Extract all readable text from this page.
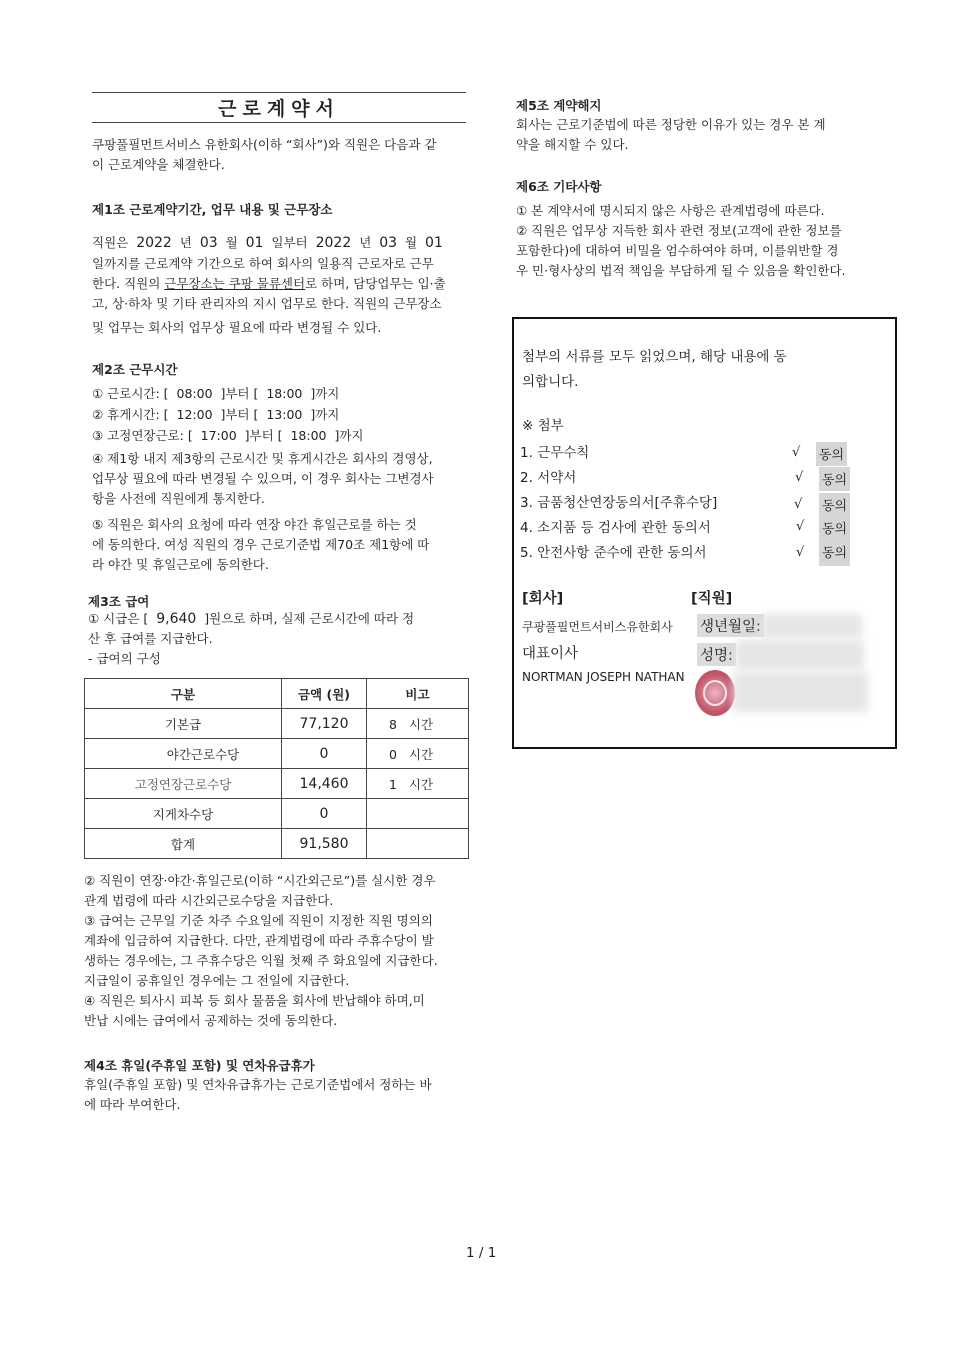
근로계약서
쿠팡풀필먼트서비스 유한회사(이하 “회사”)와 직원은 다음과 같
이 근로계약을 체결한다.
제1조 근로계약기간, 업무 내용 및 근무장소
직원은 2022 년 03 월 01 일부터 2022 년 03 월 01
일까지를 근로계약 기간으로 하여 회사의 일용직 근로자로 근무
한다. 직원의 근무장소는 쿠팡 물류센터로 하며, 담당업무는 입·출
고, 상·하차 및 기타 관리자의 지시 업무로 한다. 직원의 근무장소
및 업무는 회사의 업무상 필요에 따라 변경될 수 있다.
제2조 근무시간
① 근로시간: [ 08:00 ]부터 [ 18:00 ]까지
② 휴게시간: [ 12:00 ]부터 [ 13:00 ]까지
③ 고정연장근로: [ 17:00 ]부터 [ 18:00 ]까지
④ 제1항 내지 제3항의 근로시간 및 휴게시간은 회사의 경영상,
업무상 필요에 따라 변경될 수 있으며, 이 경우 회사는 그변경사
항을 사전에 직원에게 통지한다.
⑤ 직원은 회사의 요청에 따라 연장 야간 휴일근로를 하는 것
에 동의한다. 여성 직원의 경우 근로기준법 제70조 제1항에 따
라 야간 및 휴일근로에 동의한다.
제3조 급여
① 시급은 [ 9,640 ]원으로 하며, 실제 근로시간에 따라 정
산 후 급여를 지급한다.
- 급여의 구성
구분	금액 (원)	비고
기본급	77,120	8 시간
야간근로수당	0	0 시간
고정연장근로수당	14,460	1 시간
지게차수당	0	
합계	91,580	
② 직원이 연장·야간·휴일근로(이하 “시간외근로”)를 실시한 경우
관계 법령에 따라 시간외근로수당을 지급한다.
③ 급여는 근무일 기준 차주 수요일에 직원이 지정한 직원 명의의
계좌에 입금하여 지급한다. 다만, 관계법령에 따라 주휴수당이 발
생하는 경우에는, 그 주휴수당은 익월 첫째 주 화요일에 지급한다.
지급일이 공휴일인 경우에는 그 전일에 지급한다.
④ 직원은 퇴사시 피복 등 회사 물품을 회사에 반납해야 하며,미
반납 시에는 급여에서 공제하는 것에 동의한다.
제4조 휴일(주휴일 포함) 및 연차유급휴가
휴일(주휴일 포함) 및 연차유급휴가는 근로기준법에서 정하는 바
에 따라 부여한다.
제5조 계약해지
회사는 근로기준법에 따른 정당한 이유가 있는 경우 본 계
약을 해지할 수 있다.
제6조 기타사항
① 본 계약서에 명시되지 않은 사항은 관계법령에 따른다.
② 직원은 업무상 지득한 회사 관련 정보(고객에 관한 정보를
포함한다)에 대하여 비밀을 엄수하여야 하며, 이를위반할 경
우 민·형사상의 법적 책임을 부담하게 될 수 있음을 확인한다.
첨부의 서류를 모두 읽었으며, 해당 내용에 동
의합니다.
※ 첨부
1. 근무수칙	√ 동의
2. 서약서	√ 동의
3. 금품청산연장동의서[주휴수당]	√ 동의
4. 소지품 등 검사에 관한 동의서	√ 동의
5. 안전사항 준수에 관한 동의서	√ 동의
[회사]	[직원]
쿠팡풀필먼트서비스유한회사 생년월일:
대표이사	성명:
NORTMAN JOSEPH NATHAN
1 / 1
